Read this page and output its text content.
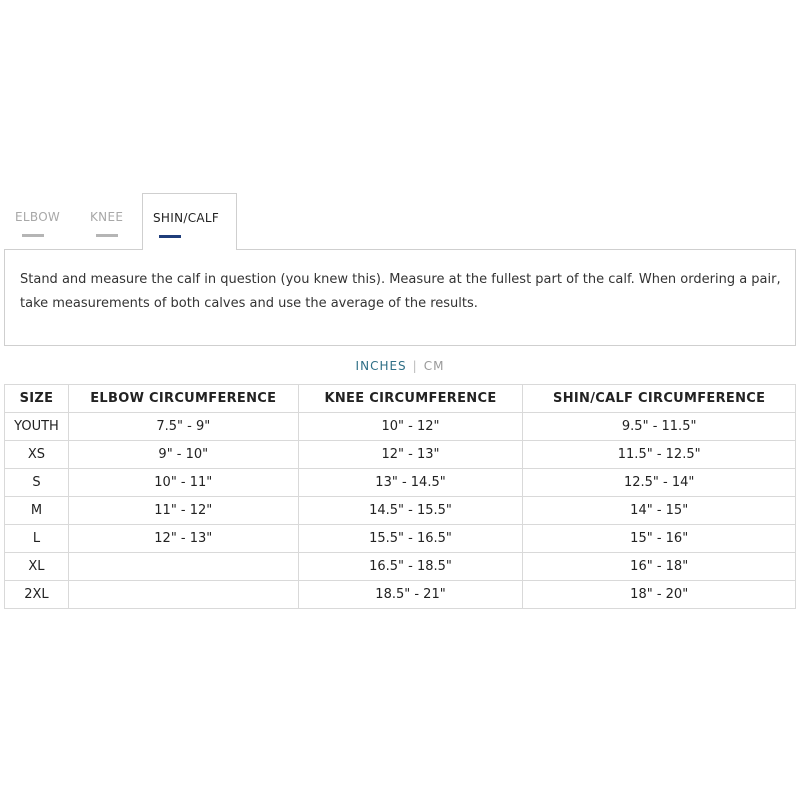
ELBOW KNEE SHIN/CALF
Stand and measure the calf in question (you knew this). Measure at the fullest part of the calf. When ordering a pair, take measurements of both calves and use the average of the results.
INCHES | CM
SIZE	ELBOW CIRCUMFERENCE	KNEE CIRCUMFERENCE	SHIN/CALF CIRCUMFERENCE
YOUTH	7.5" - 9"	10" - 12"	9.5" - 11.5"
XS	9" - 10"	12" - 13"	11.5" - 12.5"
S	10" - 11"	13" - 14.5"	12.5" - 14"
M	11" - 12"	14.5" - 15.5"	14" - 15"
L	12" - 13"	15.5" - 16.5"	15" - 16"
XL		16.5" - 18.5"	16" - 18"
2XL		18.5" - 21"	18" - 20"
